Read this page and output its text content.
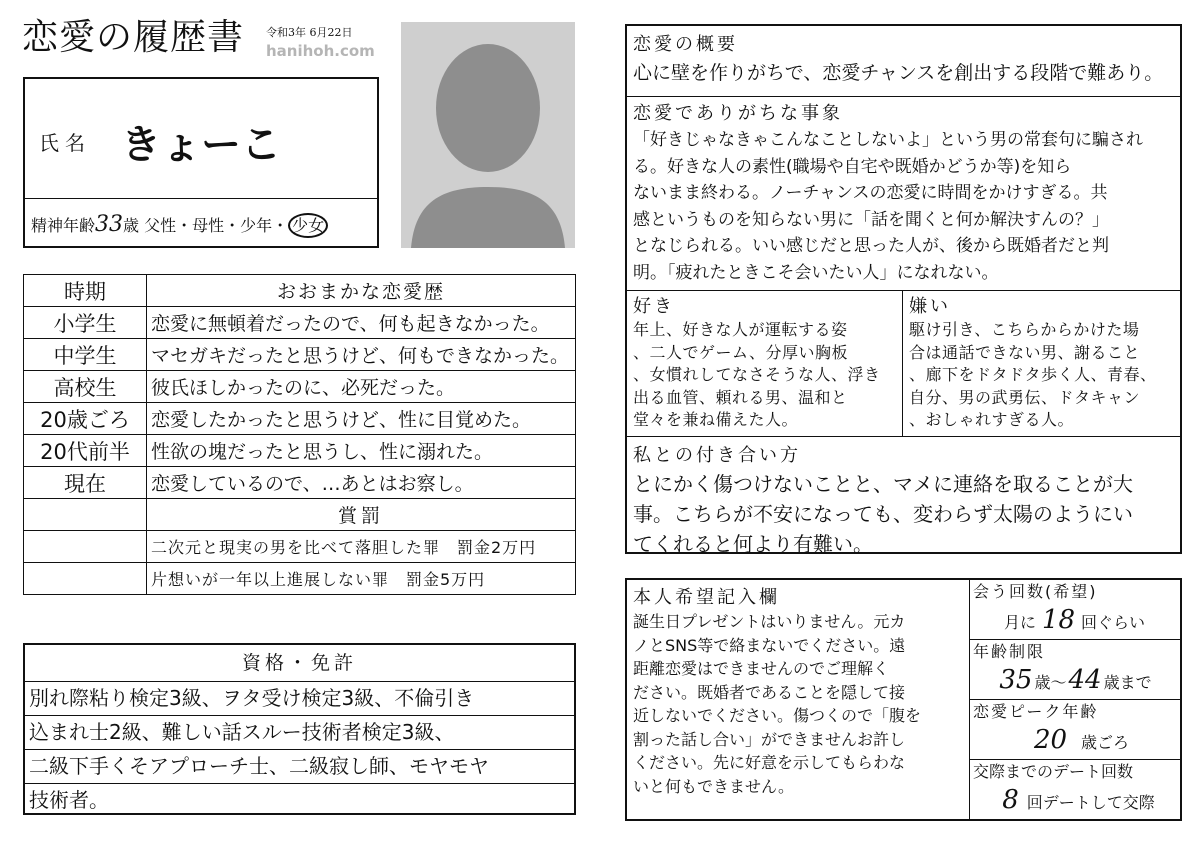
恋愛の履歴書 令和3年 6月22日
hanihoh.com
氏名 きょーこ
精神年齢33歳 父性・母性・少年・ 少女
時期	おおまかな恋愛歴
小学生	恋愛に無頓着だったので、何も起きなかった。
中学生	マセガキだったと思うけど、何もできなかった。
高校生	彼氏ほしかったのに、必死だった。
20歳ごろ	恋愛したかったと思うけど、性に目覚めた。
20代前半	性欲の塊だったと思うし、性に溺れた。
現在	恋愛しているので、…あとはお察し。
	賞罰
	二次元と現実の男を比べて落胆した罪　罰金2万円
	片想いが一年以上進展しない罪　罰金5万円
資格・免許
別れ際粘り検定3級、ヲタ受け検定3級、不倫引き
込まれ士2級、難しい話スルー技術者検定3級、
二級下手くそアプローチ士、二級寂し師、モヤモヤ
技術者。
恋愛の概要
心に壁を作りがちで、恋愛チャンスを創出する段階で難あり。
恋愛でありがちな事象
「好きじゃなきゃこんなことしないよ」という男の常套句に騙され
る。好きな人の素性(職場や自宅や既婚かどうか等)を知ら
ないまま終わる。ノーチャンスの恋愛に時間をかけすぎる。共
感というものを知らない男に「話を聞くと何か解決すんの？」
となじられる。いい感じだと思った人が、後から既婚者だと判
明。「疲れたときこそ会いたい人」になれない。
好き
年上、好きな人が運転する姿
、二人でゲーム、分厚い胸板
、女慣れしてなさそうな人、浮き
出る血管、頼れる男、温和と
堂々を兼ね備えた人。
嫌い
駆け引き、こちらからかけた場
合は通話できない男、謝ること
、廊下をドタドタ歩く人、青春、
自分、男の武勇伝、ドタキャン
、おしゃれすぎる人。
私との付き合い方
とにかく傷つけないことと、マメに連絡を取ることが大
事。こちらが不安になっても、変わらず太陽のようにい
てくれると何より有難い。
本人希望記入欄
誕生日プレゼントはいりません。元カ
ノとSNS等で絡まないでください。遠
距離恋愛はできませんのでご理解く
ださい。既婚者であることを隠して接
近しないでください。傷つくので「腹を
割った話し合い」ができませんお許し
ください。先に好意を示してもらわな
いと何もできません。
会う回数(希望)
月に 18 回ぐらい
年齢制限
35 歳〜44 歳まで
恋愛ピーク年齢
20 歳ごろ
交際までのデート回数
8 回デートして交際
